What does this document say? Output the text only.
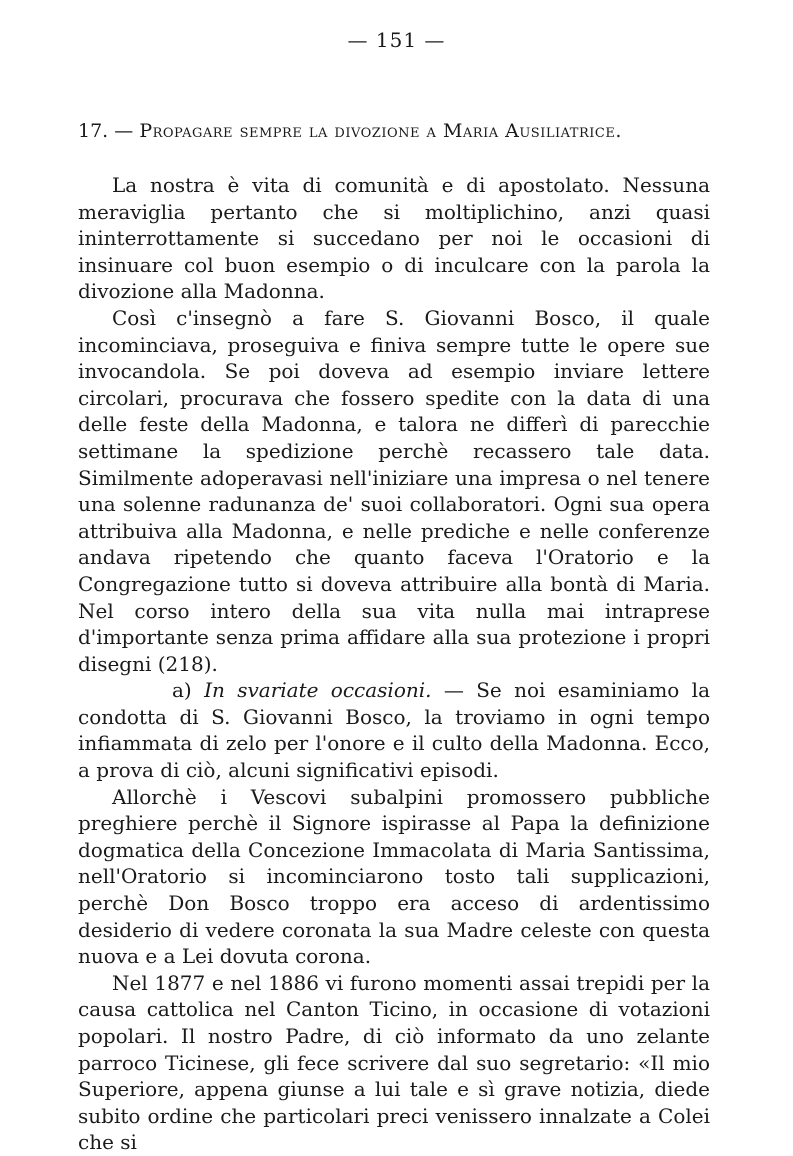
— 151 —
17. — Propagare sempre la divozione a Maria Ausiliatrice.

La nostra è vita di comunità e di apostolato. Nessuna meraviglia pertanto che si moltiplichino, anzi quasi ininterrottamente si succedano per noi le occasioni di insinuare col buon esempio o di inculcare con la parola la divozione alla Madonna.

Così c'insegnò a fare S. Giovanni Bosco, il quale incominciava, proseguiva e finiva sempre tutte le opere sue invocandola. Se poi doveva ad esempio inviare lettere circolari, procurava che fossero spedite con la data di una delle feste della Madonna, e talora ne differì di parecchie settimane la spedizione perchè recassero tale data. Similmente adoperavasi nell'iniziare una impresa o nel tenere una solenne radunanza de' suoi collaboratori. Ogni sua opera attribuiva alla Madonna, e nelle prediche e nelle conferenze andava ripetendo che quanto faceva l'Oratorio e la Congregazione tutto si doveva attribuire alla bontà di Maria. Nel corso intero della sua vita nulla mai intraprese d'importante senza prima affidare alla sua protezione i propri disegni (218).

a) In svariate occasioni. — Se noi esaminiamo la condotta di S. Giovanni Bosco, la troviamo in ogni tempo infiammata di zelo per l'onore e il culto della Madonna. Ecco, a prova di ciò, alcuni significativi episodi.

Allorchè i Vescovi subalpini promossero pubbliche preghiere perchè il Signore ispirasse al Papa la definizione dogmatica della Concezione Immacolata di Maria Santissima, nell'Oratorio si incominciarono tosto tali supplicazioni, perchè Don Bosco troppo era acceso di ardentissimo desiderio di vedere coronata la sua Madre celeste con questa nuova e a Lei dovuta corona.

Nel 1877 e nel 1886 vi furono momenti assai trepidi per la causa cattolica nel Canton Ticino, in occasione di votazioni popolari. Il nostro Padre, di ciò informato da uno zelante parroco Ticinese, gli fece scrivere dal suo segretario: «Il mio Superiore, appena giunse a lui tale e sì grave notizia, diede subito ordine che particolari preci venissero innalzate a Colei che si
